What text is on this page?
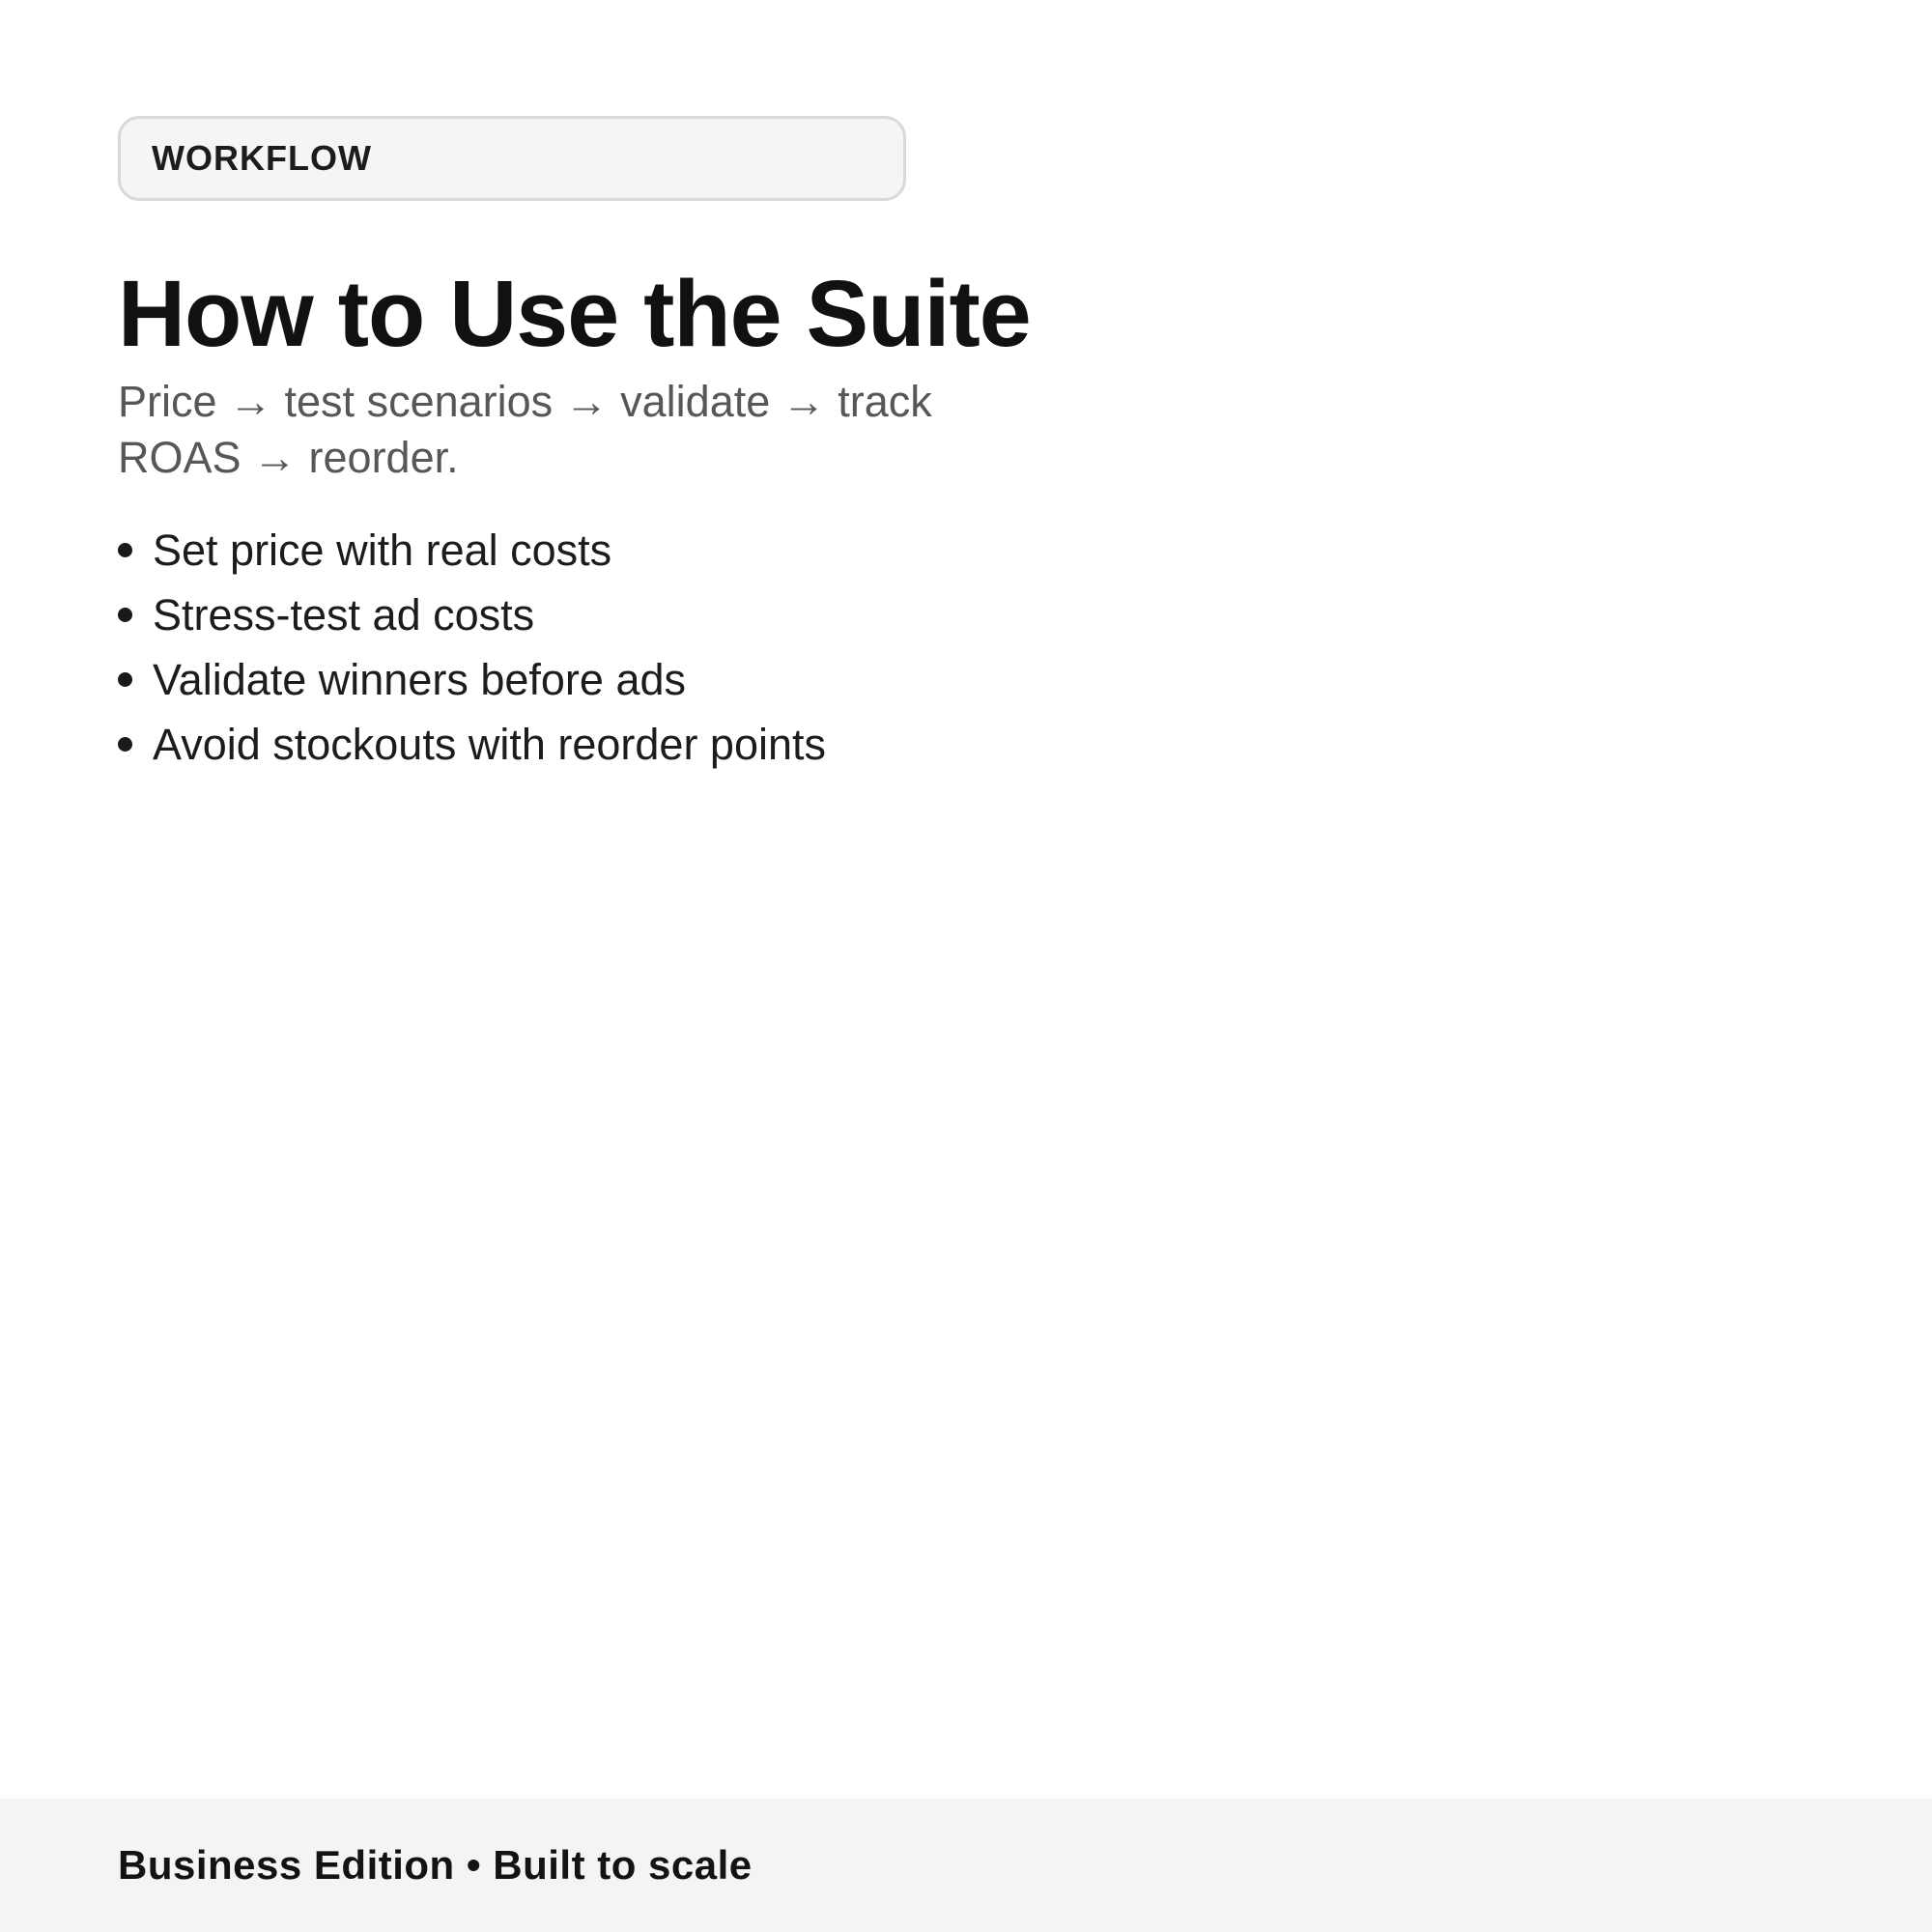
WORKFLOW
How to Use the Suite

Price → test scenarios → validate → track
ROAS → reorder.

Set price with real costs
Stress-test ad costs
Validate winners before ads
Avoid stockouts with reorder points
Business Edition • Built to scale
